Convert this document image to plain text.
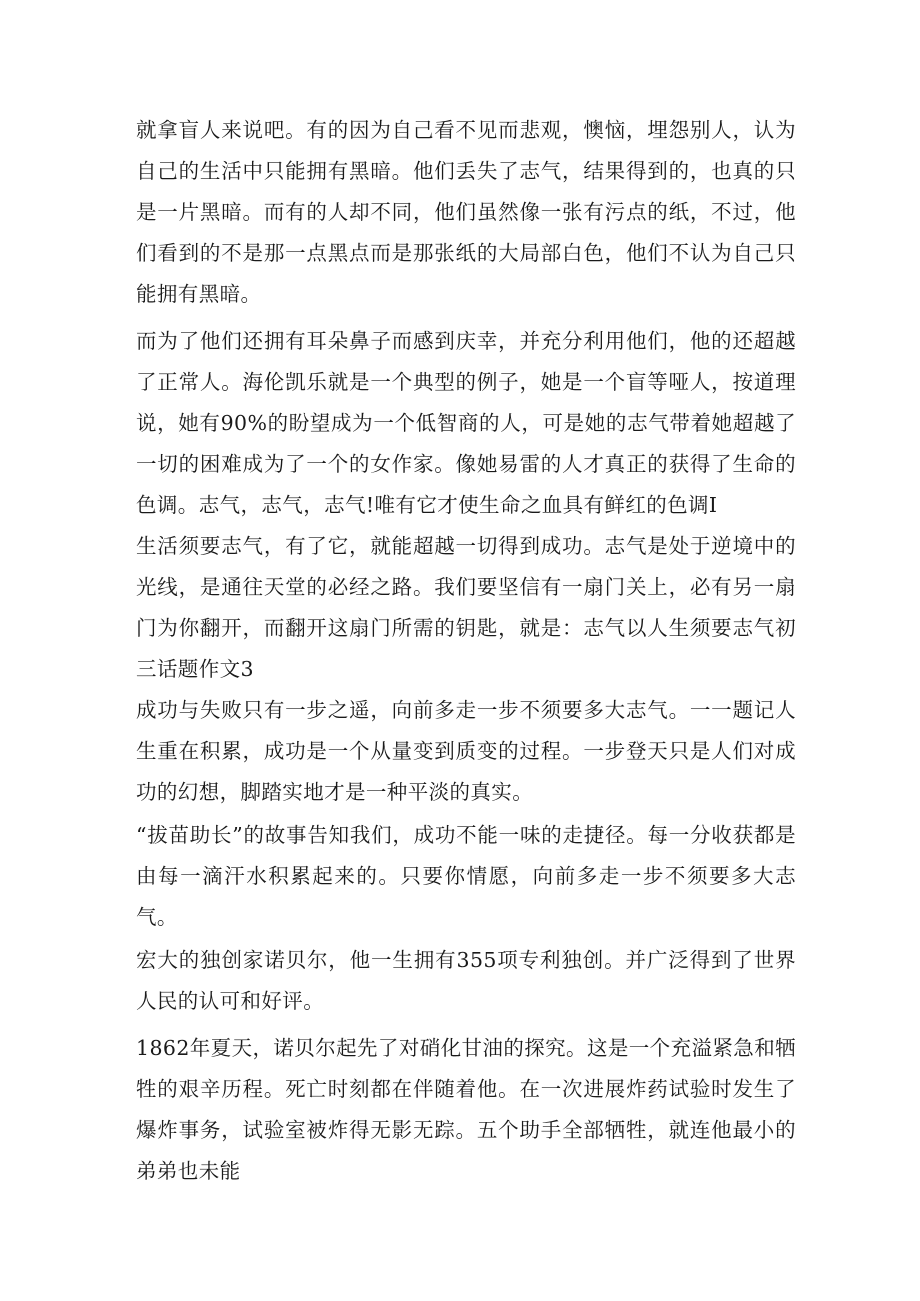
就拿盲人来说吧。有的因为自己看不见而悲观，懊恼，埋怨别人，认为自己的生活中只能拥有黑暗。他们丢失了志气，结果得到的，也真的只是一片黑暗。而有的人却不同，他们虽然像一张有污点的纸，不过，他们看到的不是那一点黑点而是那张纸的大局部白色，他们不认为自己只能拥有黑暗。

而为了他们还拥有耳朵鼻子而感到庆幸，并充分利用他们，他的还超越了正常人。海伦凯乐就是一个典型的例子，她是一个盲等哑人，按道理说，她有90%的盼望成为一个低智商的人，可是她的志气带着她超越了一切的困难成为了一个的女作家。像她易雷的人才真正的获得了生命的色调。志气，志气，志气!唯有它才使生命之血具有鲜红的色调I

生活须要志气，有了它，就能超越一切得到成功。志气是处于逆境中的光线，是通往天堂的必经之路。我们要坚信有一扇门关上，必有另一扇门为你翻开，而翻开这扇门所需的钥匙，就是：志气以人生须要志气初三话题作文3

成功与失败只有一步之遥，向前多走一步不须要多大志气。一一题记人生重在积累，成功是一个从量变到质变的过程。一步登天只是人们对成功的幻想，脚踏实地才是一种平淡的真实。

“拔苗助长”的故事告知我们，成功不能一味的走捷径。每一分收获都是由每一滴汗水积累起来的。只要你情愿，向前多走一步不须要多大志气。

宏大的独创家诺贝尔，他一生拥有355项专利独创。并广泛得到了世界人民的认可和好评。

1862年夏天，诺贝尔起先了对硝化甘油的探究。这是一个充溢紧急和牺牲的艰辛历程。死亡时刻都在伴随着他。在一次进展炸药试验时发生了爆炸事务，试验室被炸得无影无踪。五个助手全部牺牲，就连他最小的弟弟也未能
